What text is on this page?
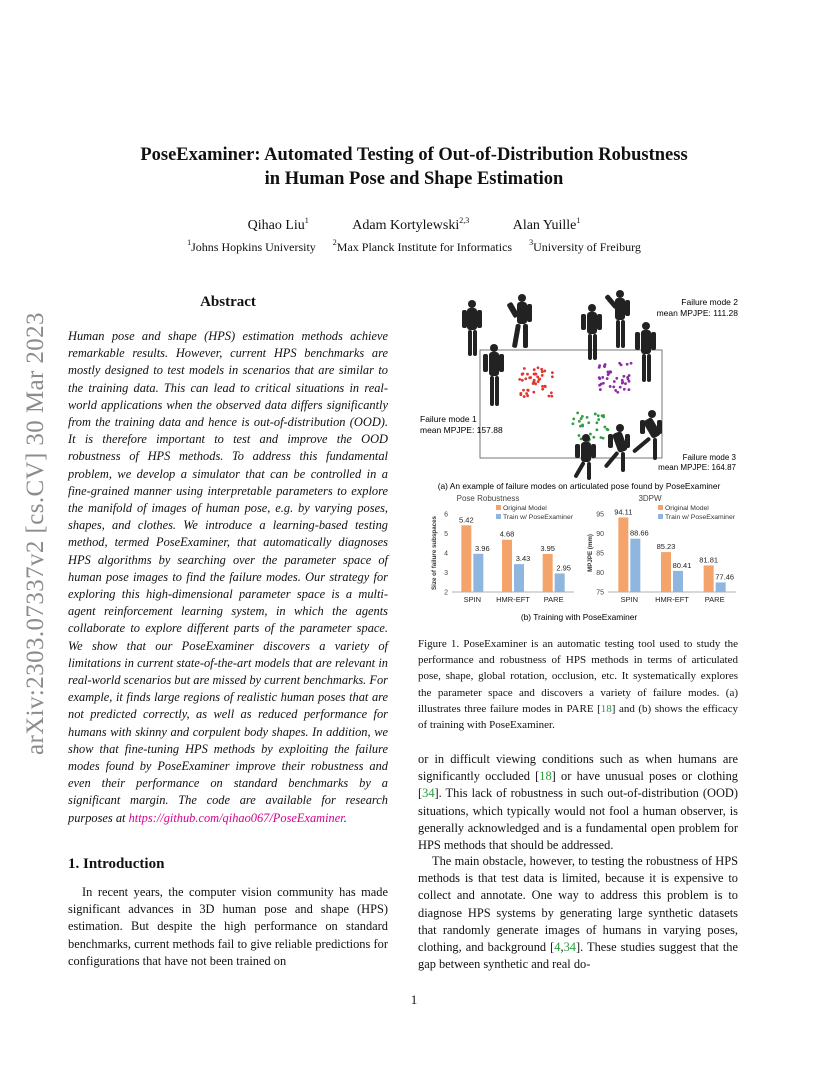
PoseExaminer: Automated Testing of Out-of-Distribution Robustness
in Human Pose and Shape Estimation
Qihao Liu$^1$	Adam Kortylewski$^{2,3}$	Alan Yuille$^1$
$^1$Johns Hopkins University $^2$Max Planck Institute for Informatics $^3$University of Freiburg
arXiv:2303.07337v2 [cs.CV] 30 Mar 2023
Abstract
Human pose and shape (HPS) estimation methods achieve remarkable results. However, current HPS benchmarks are mostly designed to test models in scenarios that are similar to the training data. This can lead to critical situations in real-world applications when the observed data differs significantly from the training data and hence is out-of-distribution (OOD). It is therefore important to test and improve the OOD robustness of HPS methods. To address this fundamental problem, we develop a simulator that can be controlled in a fine-grained manner using interpretable parameters to explore the manifold of images of human pose, e.g. by varying poses, shapes, and clothes. We introduce a learning-based testing method, termed PoseExaminer, that automatically diagnoses HPS algorithms by searching over the parameter space of human pose images to find the failure modes. Our strategy for exploring this high-dimensional parameter space is a multi-agent reinforcement learning system, in which the agents collaborate to explore different parts of the parameter space. We show that our PoseExaminer discovers a variety of limitations in current state-of-the-art models that are relevant in real-world scenarios but are missed by current benchmarks. For example, it finds large regions of realistic human poses that are not predicted correctly, as well as reduced performance for humans with skinny and corpulent body shapes. In addition, we show that fine-tuning HPS methods by exploiting the failure modes found by PoseExaminer improve their robustness and even their performance on standard benchmarks by a significant margin. The code are available for research purposes at https://github.com/qihao067/PoseExaminer.
1. Introduction
In recent years, the computer vision community has made significant advances in 3D human pose and shape (HPS) estimation. But despite the high performance on standard benchmarks, current methods fail to give reliable predictions for configurations that have not been trained on
Failure mode 1
mean MPJPE: 157.88
Failure mode 2
mean MPJPE: 111.28
Failure mode 3
mean MPJPE: 164.87
(a) An example of failure modes on articulated pose found by PoseExaminer
Pose Robustness
2
3
4
5
6
Size of failure subspaces	5.42
3.96
SPIN
4.68
3.43
HMR-EFT
3.95
2.95
PARE
Original Model
Train w/ PoseExaminer
3DPW
75
80
85
90
95
MPJPE (mm)
94.11
88.66
SPIN
85.23
80.41
HMR-EFT
81.81
77.46
PARE
Original Model
Train w/ PoseExaminer
(b) Training with PoseExaminer
Figure 1. PoseExaminer is an automatic testing tool used to study the performance and robustness of HPS methods in terms of articulated pose, shape, global rotation, occlusion, etc. It systematically explores the parameter space and discovers a variety of failure modes. (a) illustrates three failure modes in PARE [18] and (b) shows the efficacy of training with PoseExaminer.
or in difficult viewing conditions such as when humans are significantly occluded [18] or have unusual poses or clothing [34]. This lack of robustness in such out-of-distribution (OOD) situations, which typically would not fool a human observer, is generally acknowledged and is a fundamental open problem for HPS methods that should be addressed.
The main obstacle, however, to testing the robustness of HPS methods is that test data is limited, because it is expensive to collect and annotate. One way to address this problem is to diagnose HPS systems by generating large synthetic datasets that randomly generate images of humans in varying poses, clothing, and background [4,34]. These studies suggest that the gap between synthetic and real do-
1
